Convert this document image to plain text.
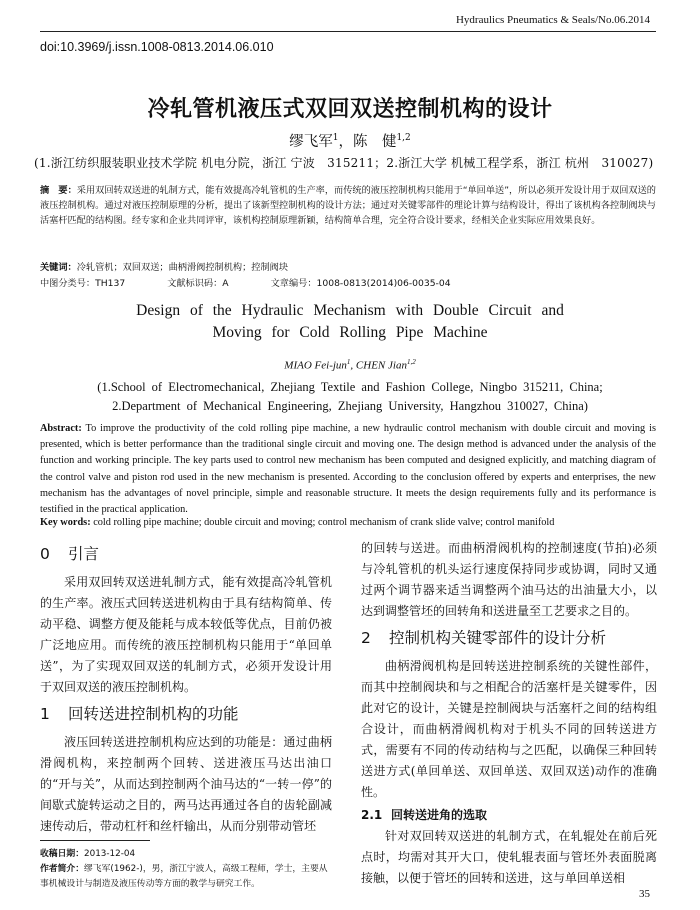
Hydraulics Pneumatics & Seals/No.06.2014
doi:10.3969/j.issn.1008-0813.2014.06.010
冷轧管机液压式双回双送控制机构的设计
缪飞军$^1$，陈　健$^{1,2}$
(1.浙江纺织服装职业技术学院 机电分院，浙江 宁波　315211；2.浙江大学 机械工程学系，浙江 杭州　310027)
摘　要：采用双回转双送进的轧制方式，能有效提高冷轧管机的生产率，而传统的液压控制机构只能用于“单回单送”，所以必须开发设计用于双回双送的液压控制机构。通过对液压控制原理的分析，提出了该新型控制机构的设计方法；通过对关键零部件的理论计算与结构设计，得出了该机构各控制阀块与活塞杆匹配的结构图。经专家和企业共同评审，该机构控制原理新颖，结构简单合理，完全符合设计要求，经相关企业实际应用效果良好。
关键词：冷轧管机；双回双送；曲柄滑阀控制机构；控制阀块
中图分类号：TH137	文献标识码：A	文章编号：1008-0813(2014)06-0035-04
Design of the Hydraulic Mechanism with Double Circuit and
Moving for Cold Rolling Pipe Machine
MIAO Fei-jun$^1$, CHEN Jian$^{1,2}$
(1.School of Electromechanical, Zhejiang Textile and Fashion College, Ningbo 315211, China;
2.Department of Mechanical Engineering, Zhejiang University, Hangzhou 310027, China)
Abstract: To improve the productivity of the cold rolling pipe machine, a new hydraulic control mechanism with double circuit and moving is presented, which is better performance than the traditional single circuit and moving one. The design method is advanced under the analysis of the function and working principle. The key parts used to control new mechanism has been computed and designed explicitly, and matching diagram of the control valve and piston rod used in the new mechanism is presented. According to the conclusion offered by experts and enterprises, the new mechanism has the advantages of novel principle, simple and reasonable structure. It meets the design requirements fully and its performance is testified in the practical application.
Key words: cold rolling pipe machine; double circuit and moving; control mechanism of crank slide valve; control manifold
0 引言

采用双回转双送进轧制方式，能有效提高冷轧管机的生产率。液压式回转送进机构由于具有结构简单、传动平稳、调整方便及能耗与成本较低等优点，目前仍被广泛地应用。而传统的液压控制机构只能用于“单回单送”，为了实现双回双送的轧制方式，必须开发设计用于双回双送的液压控制机构。

1 回转送进控制机构的功能

液压回转送进控制机构应达到的功能是：通过曲柄滑阀机构，来控制两个回转、送进液压马达出油口的“开与关”，从而达到控制两个油马达的“一转一停”的间歇式旋转运动之目的，两马达再通过各自的齿轮副减速传动后，带动杠杆和丝杆输出，从而分别带动管坯

的回转与送进。而曲柄滑阀机构的控制速度(节拍)必须与冷轧管机的机头运行速度保持同步或协调，同时又通过两个调节器来适当调整两个油马达的出油量大小，以达到调整管坯的回转角和送进量至工艺要求之目的。

2 控制机构关键零部件的设计分析

曲柄滑阀机构是回转送进控制系统的关键性部件，而其中控制阀块和与之相配合的活塞杆是关键零件，因此对它的设计，关键是控制阀块与活塞杆之间的结构组合设计，而曲柄滑阀机构对于机头不同的回转送进方式，需要有不同的传动结构与之匹配，以确保三种回转送进方式(单回单送、双回单送、双回双送)动作的准确性。

2.1 回转送进角的选取

针对双回转双送进的轧制方式，在轧辊处在前后死点时，均需对其开大口，使轧辊表面与管坯外表面脱离接触，以便于管坯的回转和送进，这与单回单送相

收稿日期：2013-12-04
作者简介：缪飞军(1962-)，男，浙江宁波人，高级工程师，学士，主要从事机械设计与制造及液压传动等方面的教学与研究工作。
35
